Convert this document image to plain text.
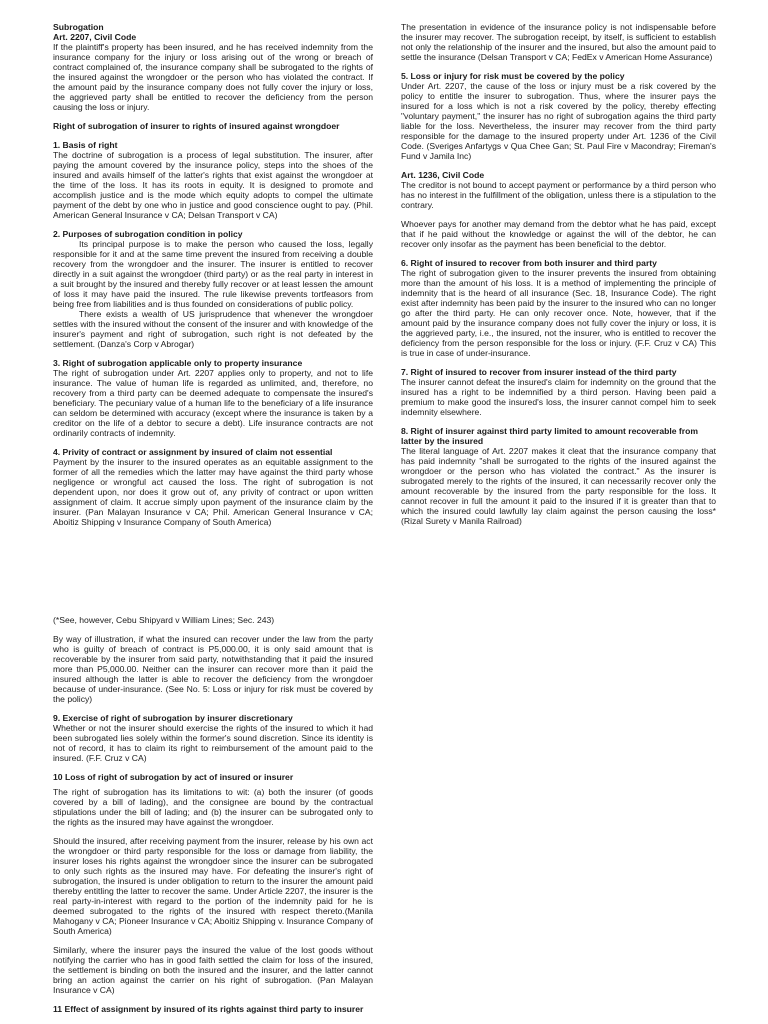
Subrogation

Art. 2207, Civil Code

If the plaintiff's property has been insured, and he has received indemnity from the insurance company for the injury or loss arising out of the wrong or breach of contract complained of, the insurance company shall be subrogated to the rights of the insured against the wrongdoer or the person who has violated the contract. If the amount paid by the insurance company does not fully cover the injury or loss, the aggrieved party shall be entitled to recover the deficiency from the person causing the loss or injury.

Right of subrogation of insurer to rights of insured against wrongdoer

1. Basis of right

The doctrine of subrogation is a process of legal substitution. The insurer, after paying the amount covered by the insurance policy, steps into the shoes of the insured and avails himself of the latter's rights that exist against the wrongdoer at the time of the loss. It has its roots in equity. It is designed to promote and accomplish justice and is the mode which equity adopts to compel the ultimate payment of the debt by one who in justice and good conscience ought to pay. (Phil. American General Insurance v CA; Delsan Transport v CA)

2. Purposes of subrogation condition in policy

Its principal purpose is to make the person who caused the loss, legally responsible for it and at the same time prevent the insured from receiving a double recovery from the wrongdoer and the insurer. The insurer is entitled to recover directly in a suit against the wrongdoer (third party) or as the real party in interest in a suit brought by the insured and thereby fully recover or at least lessen the amount of loss it may have paid the insured. The rule likewise prevents tortfeasors from being free from liabilities and is thus founded on considerations of public policy.

There exists a wealth of US jurisprudence that whenever the wrongdoer settles with the insured without the consent of the insurer and with knowledge of the insurer's payment and right of subrogation, such right is not defeated by the settlement. (Danza's Corp v Abrogar)

3. Right of subrogation applicable only to property insurance

The right of subrogation under Art. 2207 applies only to property, and not to life insurance. The value of human life is regarded as unlimited, and, therefore, no recovery from a third party can be deemed adequate to compensate the insured's beneficiary. The pecuniary value of a human life to the beneficiary of a life insurance can seldom be determined with accuracy (except where the insurance is taken by a creditor on the life of a debtor to secure a debt). Life insurance contracts are not ordinarily contracts of indemnity.

4. Privity of contract or assignment by insured of claim not essential

Payment by the insurer to the insured operates as an equitable assignment to the former of all the remedies which the latter may have against the third party whose negligence or wrongful act caused the loss. The right of subrogation is not dependent upon, nor does it grow out of, any privity of contract or upon written assignment of claim. It accrue simply upon payment of the insurance claim by the insurer. (Pan Malayan Insurance v CA; Phil. American General Insurance v CA; Aboitiz Shipping v Insurance Company of South America)

The presentation in evidence of the insurance policy is not indispensable before the insurer may recover. The subrogation receipt, by itself, is sufficient to establish not only the relationship of the insurer and the insured, but also the amount paid to settle the insurance (Delsan Transport v CA; FedEx v American Home Assurance)

5. Loss or injury for risk must be covered by the policy

Under Art. 2207, the cause of the loss or injury must be a risk covered by the policy to entitle the insurer to subrogation. Thus, where the insurer pays the insured for a loss which is not a risk covered by the policy, thereby effecting "voluntary payment," the insurer has no right of subrogation agains the third party liable for the loss. Nevertheless, the insurer may recover from the third party responsible for the damage to the insured property under Art. 1236 of the Civil Code. (Sveriges Anfartygs v Qua Chee Gan; St. Paul Fire v Macondray; Fireman's Fund v Jamila Inc)

Art. 1236, Civil Code

The creditor is not bound to accept payment or performance by a third person who has no interest in the fulfillment of the obligation, unless there is a stipulation to the contrary.

Whoever pays for another may demand from the debtor what he has paid, except that if he paid without the knowledge or against the will of the debtor, he can recover only insofar as the payment has been beneficial to the debtor.

6. Right of insured to recover from both insurer and third party

The right of subrogation given to the insurer prevents the insured from obtaining more than the amount of his loss. It is a method of implementing the principle of indemnity that is the heard of all insurance (Sec. 18, Insurance Code). The right exist after indemnity has been paid by the insurer to the insured who can no longer go after the third party. He can only recover once. Note, however, that if the amount paid by the insurance company does not fully cover the injury or loss, it is the aggrieved party, i.e., the insured, not the insurer, who is entitled to recover the deficiency from the person responsible for the loss or injury. (F.F. Cruz v CA) This is true in case of under-insurance.

7. Right of insured to recover from insurer instead of the third party

The insurer cannot defeat the insured's claim for indemnity on the ground that the insured has a right to be indemnified by a third person. Having been paid a premium to make good the insured's loss, the insurer cannot compel him to seek indemnity elsewhere.

8. Right of insurer against third party limited to amount recoverable from latter by the insured

The literal language of Art. 2207 makes it cleat that the insurance company that has paid indemnity "shall be surrogated to the rights of the insured against the wrongdoer or the person who has violated the contract." As the insurer is subrogated merely to the rights of the insured, it can necessarily recover only the amount recoverable by the insured from the party responsible for the loss. It cannot recover in full the amount it paid to the insured if it is greater than that to which the insured could lawfully lay claim against the person causing the loss* (Rizal Surety v Manila Railroad)

(*See, however, Cebu Shipyard v William Lines; Sec. 243)

By way of illustration, if what the insured can recover under the law from the party who is guilty of breach of contract is P5,000.00, it is only said amount that is recoverable by the insurer from said party, notwithstanding that it paid the insured more than P5,000.00. Neither can the insurer can recover more than it paid the insured although the latter is able to recover the deficiency from the wrongdoer because of under-insurance. (See No. 5: Loss or injury for risk must be covered by the policy)

9. Exercise of right of subrogation by insurer discretionary

Whether or not the insurer should exercise the rights of the insured to which it had been subrogated lies solely within the former's sound discretion. Since its identity is not of record, it has to claim its right to reimbursement of the amount paid to the insured. (F.F. Cruz v CA)

10 Loss of right of subrogation by act of insured or insurer

The right of subrogation has its limitations to wit: (a) both the insurer (of goods covered by a bill of lading), and the consignee are bound by the contractual stipulations under the bill of lading; and (b) the insurer can be subrogated only to the rights as the insured may have against the wrongdoer.

Should the insured, after receiving payment from the insurer, release by his own act the wrongdoer or third party responsible for the loss or damage from liability, the insurer loses his rights against the wrongdoer since the insurer can be subrogated to only such rights as the insured may have. For defeating the insurer's right of subrogation, the insured is under obligation to return to the insurer the amount paid thereby entitling the latter to recover the same. Under Article 2207, the insurer is the real party-in-interest with regard to the portion of the indemnity paid for he is deemed subrogated to the rights of the insured with respect thereto.(Manila Mahogany v CA; Pioneer Insurance v CA; Aboitiz Shipping v. Insurance Company of South America)

Similarly, where the insurer pays the insured the value of the lost goods without notifying the carrier who has in good faith settled the claim for loss of the insured, the settlement is binding on both the insured and the insurer, and the latter cannot bring an action against the carrier on his right of subrogation. (Pan Malayan Insurance v CA)

11 Effect of assignment by insured of its rights against third party to insurer
